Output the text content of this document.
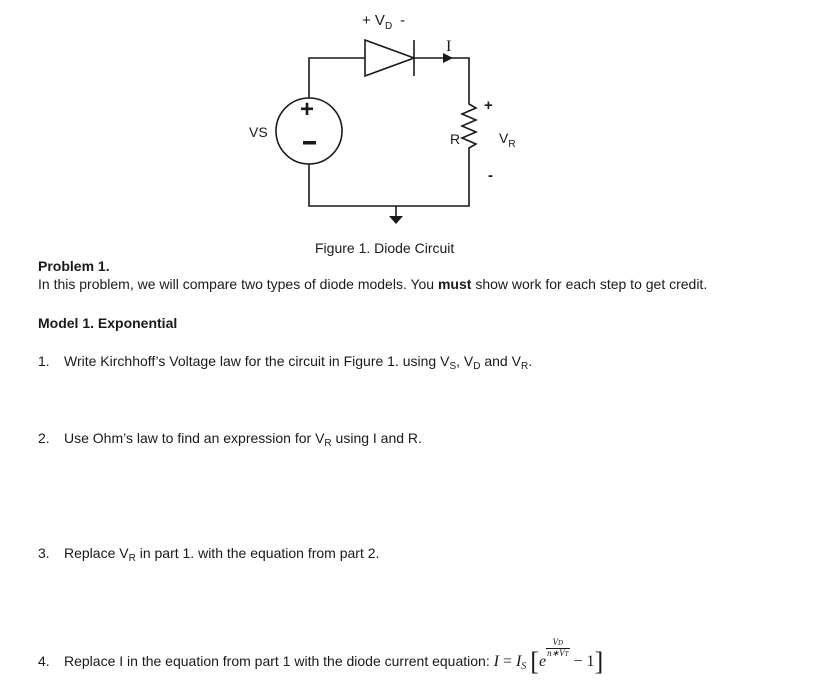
+
+ $V_D$ -
I
VS	R
+
$V_R$
-
Figure 1. Diode Circuit
Problem 1.
In this problem, we will compare two types of diode models. You must show work for each step to get credit.
Model 1. Exponential
1. Write Kirchhoff’s Voltage law for the circuit in Figure 1. using $V_S$, $V_D$ and $V_R$.
2. Use Ohm’s law to find an expression for $V_R$ using I and R.
3. Replace $V_R$ in part 1. with the equation from part 2.
4. Replace I in the equation from part 1 with the diode current equation: I = IS [e
$\frac{VD}{n∗VT}$
− 1]
